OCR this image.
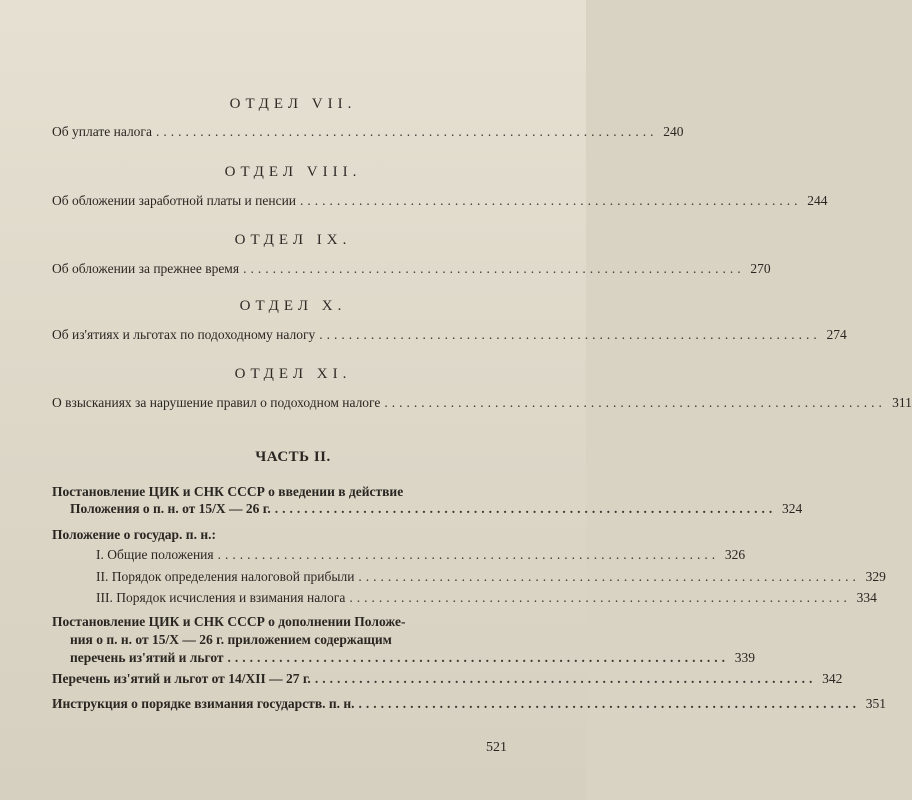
ОТДЕЛ VII.
Об уплате налога .................................................................... 240
ОТДЕЛ VIII.
Об обложении заработной платы и пенсии .................................................................... 244
ОТДЕЛ IX.
Об обложении за прежнее время .................................................................... 270
ОТДЕЛ X.
Об из'ятиях и льготах по подоходному налогу .................................................................... 274
ОТДЕЛ XI.
О взысканиях за нарушение правил о подоходном налоге .................................................................... 311
ЧАСТЬ II.
Постановление ЦИК и СНК СССР о введении в действие
Положения о п. н. от 15/X — 26 г. .................................................................... 324
Положение о государ. п. н.:
I. Общие положения .................................................................... 326
II. Порядок определения налоговой прибыли .................................................................... 329
III. Порядок исчисления и взимания налога .................................................................... 334
Постановление ЦИК и СНК СССР о дополнении Положе-
ния о п. н. от 15/X — 26 г. приложением содержащим
перечень из'ятий и льгот .................................................................... 339
Перечень из'ятий и льгот от 14/XII — 27 г. .................................................................... 342
Инструкция о порядке взимания государств. п. н. .................................................................... 351
521
